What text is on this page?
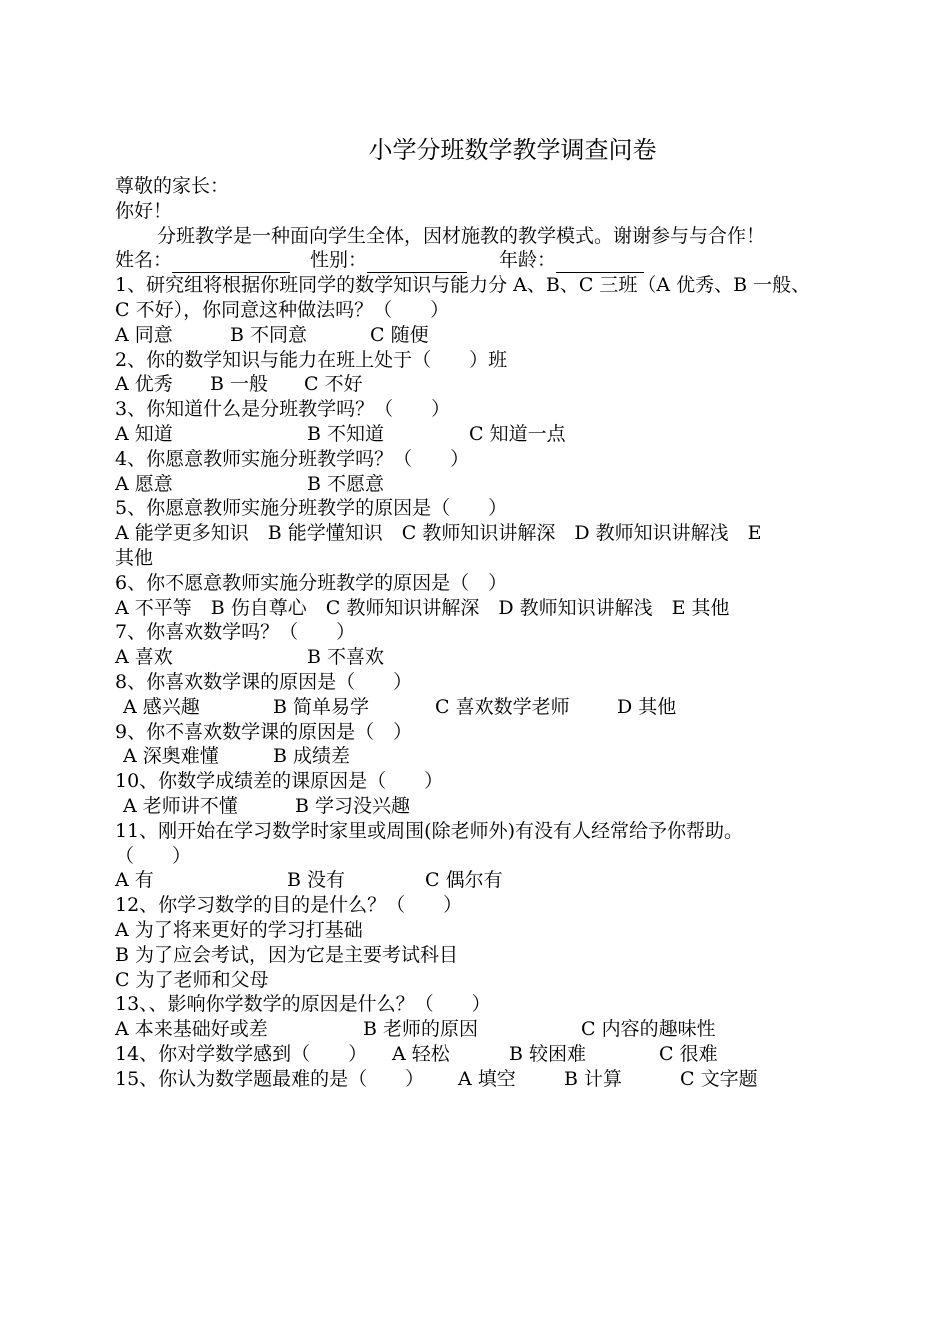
小学分班数学教学调查问卷
尊敬的家长：
你好！
分班教学是一种面向学生全体，因材施教的教学模式。谢谢参与与合作！
姓名：	性别：	年龄：
1、研究组将根据你班同学的数学知识与能力分 A、B、C 三班（A 优秀、B 一般、
C 不好），你同意这种做法吗？（　　）
A 同意	B 不同意	C 随便
2、你的数学知识与能力在班上处于（　　）班
A 优秀	B 一般	C 不好
3、你知道什么是分班教学吗？（　　）
A 知道	B 不知道	C 知道一点
4、你愿意教师实施分班教学吗？（　　）
A 愿意	B 不愿意
5、你愿意教师实施分班教学的原因是（　　）
A 能学更多知识　B 能学懂知识　C 教师知识讲解深　D 教师知识讲解浅　E
其他
6、你不愿意教师实施分班教学的原因是（　）
A 不平等　B 伤自尊心　C 教师知识讲解深　D 教师知识讲解浅　E 其他
7、你喜欢数学吗？（　　）
A 喜欢	B 不喜欢
8、你喜欢数学课的原因是（　　）
A 感兴趣	B 简单易学	C 喜欢数学老师	D 其他
9、你不喜欢数学课的原因是（　）
A 深奥难懂	B 成绩差
10、你数学成绩差的课原因是（　　）
A 老师讲不懂	B 学习没兴趣
11、刚开始在学习数学时家里或周围(除老师外)有没有人经常给予你帮助。
（　　）
A 有	B 没有	C 偶尔有
12、你学习数学的目的是什么？（　　）
A 为了将来更好的学习打基础
B 为了应会考试，因为它是主要考试科目
C 为了老师和父母
13、、影响你学数学的原因是什么？（　　）
A 本来基础好或差	B 老师的原因	C 内容的趣味性
14、你对学数学感到（　　）	A 轻松	B 较困难	C 很难
15、你认为数学题最难的是（　　）	A 填空	B 计算	C 文字题
